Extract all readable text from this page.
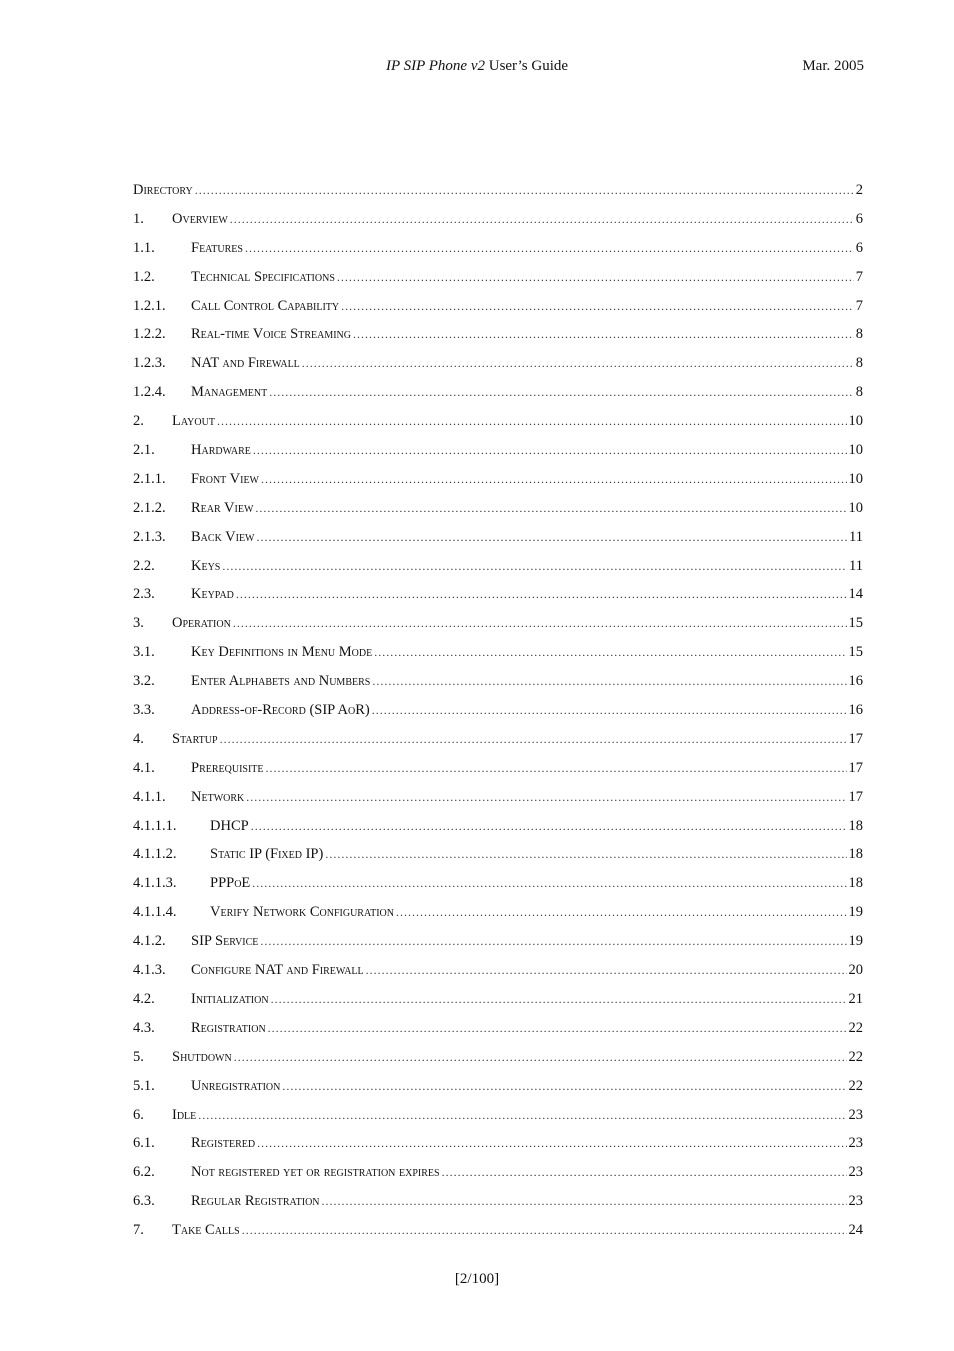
IP SIP Phone v2 User’s Guide	Mar. 2005
Directory .....	2
1.	Overview .....	6
1.1.	Features .....	6
1.2.	Technical Specifications .....	7
1.2.1.	Call Control Capability .....	7
1.2.2.	Real-time Voice Streaming .....	8
1.2.3.	NAT and Firewall .....	8
1.2.4.	Management .....	8
2.	Layout .....	10
2.1.	Hardware .....	10
2.1.1.	Front View .....	10
2.1.2.	Rear View .....	10
2.1.3.	Back View .....	11
2.2.	Keys .....	11
2.3.	Keypad .....	14
3.	Operation .....	15
3.1.	Key Definitions in Menu Mode .....	15
3.2.	Enter Alphabets and Numbers .....	16
3.3.	Address-of-Record (SIP AoR) .....	16
4.	Startup .....	17
4.1.	Prerequisite .....	17
4.1.1.	Network .....	17
4.1.1.1.	DHCP .....	18
4.1.1.2.	Static IP (Fixed IP) .....	18
4.1.1.3.	PPPoE .....	18
4.1.1.4.	Verify Network Configuration .....	19
4.1.2.	SIP Service .....	19
4.1.3.	Configure NAT and Firewall .....	20
4.2.	Initialization .....	21
4.3.	Registration .....	22
5.	Shutdown .....	22
5.1.	Unregistration .....	22
6.	Idle .....	23
6.1.	Registered .....	23
6.2.	Not registered yet or registration expires .....	23
6.3.	Regular Registration .....	23
7.	Take Calls .....	24
[2/100]
